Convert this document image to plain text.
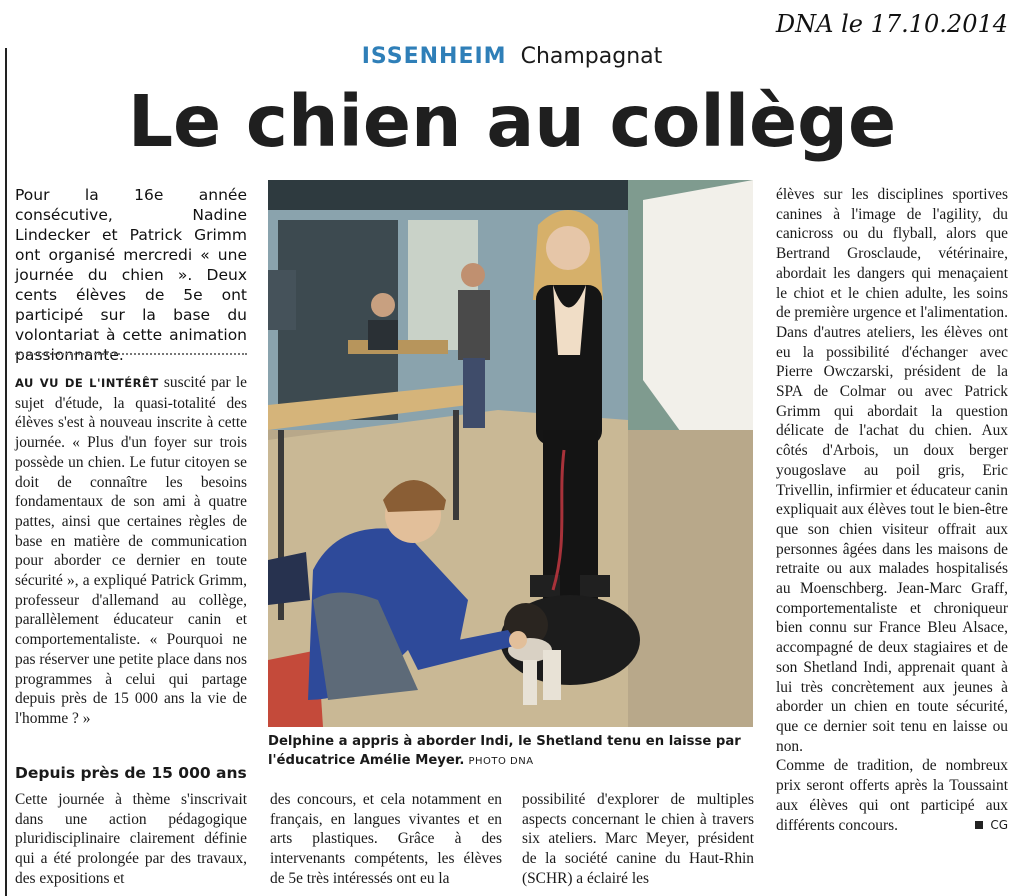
DNA le 17.10.2014
ISSENHEIM Champagnat
Le chien au collège
Pour la 16e année consécutive, Nadine Lindecker et Patrick Grimm ont organisé mercredi « une journée du chien ». Deux cents élèves de 5e ont participé sur la base du volontariat à cette animation passionnante.
AU VU DE L'INTÉRÊT suscité par le sujet d'étude, la quasi-totalité des élèves s'est à nouveau inscrite à cette journée. « Plus d'un foyer sur trois possède un chien. Le futur citoyen se doit de connaître les besoins fondamentaux de son ami à quatre pattes, ainsi que certaines règles de base en matière de communication pour aborder ce dernier en toute sécurité », a expliqué Patrick Grimm, professeur d'allemand au collège, parallèlement éducateur canin et comportementaliste. « Pourquoi ne pas réserver une petite place dans nos programmes à celui qui partage depuis près de 15 000 ans la vie de l'homme ? »
Depuis près de 15 000 ans
Cette journée à thème s'inscrivait dans une action pédagogique pluridisciplinaire clairement définie qui a été prolongée par des travaux, des expositions et
des concours, et cela notamment en français, en langues vivantes et en arts plastiques. Grâce à des intervenants compétents, les élèves de 5e très intéressés ont eu la
possibilité d'explorer de multiples aspects concernant le chien à travers six ateliers. Marc Meyer, président de la société canine du Haut-Rhin (SCHR) a éclairé les
élèves sur les disciplines sportives canines à l'image de l'agility, du canicross ou du flyball, alors que Bertrand Grosclaude, vétérinaire, abordait les dangers qui menaçaient le chiot et le chien adulte, les soins de première urgence et l'alimentation.
Dans d'autres ateliers, les élèves ont eu la possibilité d'échanger avec Pierre Owczarski, président de la SPA de Colmar ou avec Patrick Grimm qui abordait la question délicate de l'achat du chien. Aux côtés d'Arbois, un doux berger yougoslave au poil gris, Eric Trivellin, infirmier et éducateur canin expliquait aux élèves tout le bien-être que son chien visiteur offrait aux personnes âgées dans les maisons de retraite ou aux malades hospitalisés au Moenschberg. Jean-Marc Graff, comportementaliste et chroniqueur bien connu sur France Bleu Alsace, accompagné de deux stagiaires et de son Shetland Indi, apprenait quant à lui très concrètement aux jeunes à aborder un chien en toute sécurité, que ce dernier soit tenu en laisse ou non.
Comme de tradition, de nombreux prix seront offerts après la Toussaint aux élèves qui ont participé aux différents concours.	CG
Delphine a appris à aborder Indi, le Shetland tenu en laisse par l'éducatrice Amélie Meyer. PHOTO DNA
